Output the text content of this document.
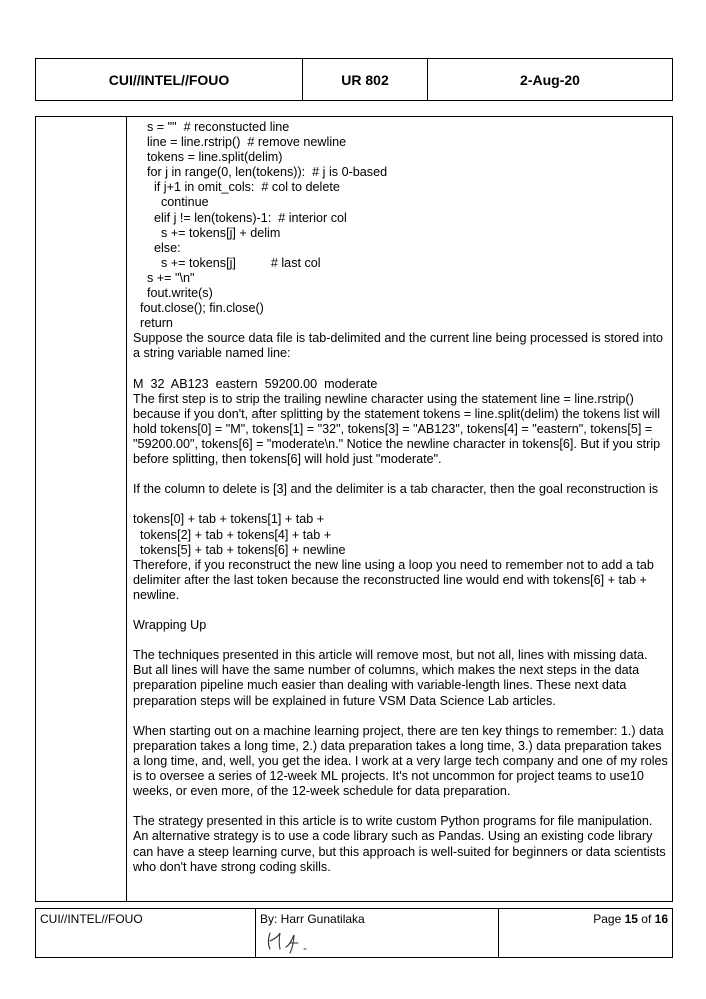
CUI//INTEL//FOUO	UR 802	2-Aug-20
s = ""  # reconstucted line
line = line.rstrip()  # remove newline
tokens = line.split(delim)
for j in range(0, len(tokens)):  # j is 0-based
if j+1 in omit_cols:  # col to delete
continue
elif j != len(tokens)-1:  # interior col
s += tokens[j] + delim
else:
s += tokens[j]          # last col
s += "\n"
fout.write(s)
fout.close(); fin.close()
return

Suppose the source data file is tab-delimited and the current line being processed is stored into a string variable named line:

M  32  AB123  eastern  59200.00  moderate

The first step is to strip the trailing newline character using the statement line = line.rstrip() because if you don't, after splitting by the statement tokens = line.split(delim) the tokens list will hold tokens[0] = "M", tokens[1] = "32", tokens[3] = "AB123", tokens[4] = "eastern", tokens[5] = "59200.00", tokens[6] = "moderate\n." Notice the newline character in tokens[6]. But if you strip before splitting, then tokens[6] will hold just "moderate".

If the column to delete is [3] and the delimiter is a tab character, then the goal reconstruction is

tokens[0] + tab + tokens[1] + tab +
tokens[2] + tab + tokens[4] + tab +
tokens[5] + tab + tokens[6] + newline

Therefore, if you reconstruct the new line using a loop you need to remember not to add a tab delimiter after the last token because the reconstructed line would end with tokens[6] + tab + newline.

Wrapping Up

The techniques presented in this article will remove most, but not all, lines with missing data. But all lines will have the same number of columns, which makes the next steps in the data preparation pipeline much easier than dealing with variable-length lines. These next data preparation steps will be explained in future VSM Data Science Lab articles.

When starting out on a machine learning project, there are ten key things to remember: 1.) data preparation takes a long time, 2.) data preparation takes a long time, 3.) data preparation takes a long time, and, well, you get the idea. I work at a very large tech company and one of my roles is to oversee a series of 12-week ML projects. It's not uncommon for project teams to use10 weeks, or even more, of the 12-week schedule for data preparation.

The strategy presented in this article is to write custom Python programs for file manipulation. An alternative strategy is to use a code library such as Pandas. Using an existing code library can have a steep learning curve, but this approach is well-suited for beginners or data scientists who don't have strong coding skills.

CUI//INTEL//FOUO	By: Harr Gunatilaka	Page 15 of 16
